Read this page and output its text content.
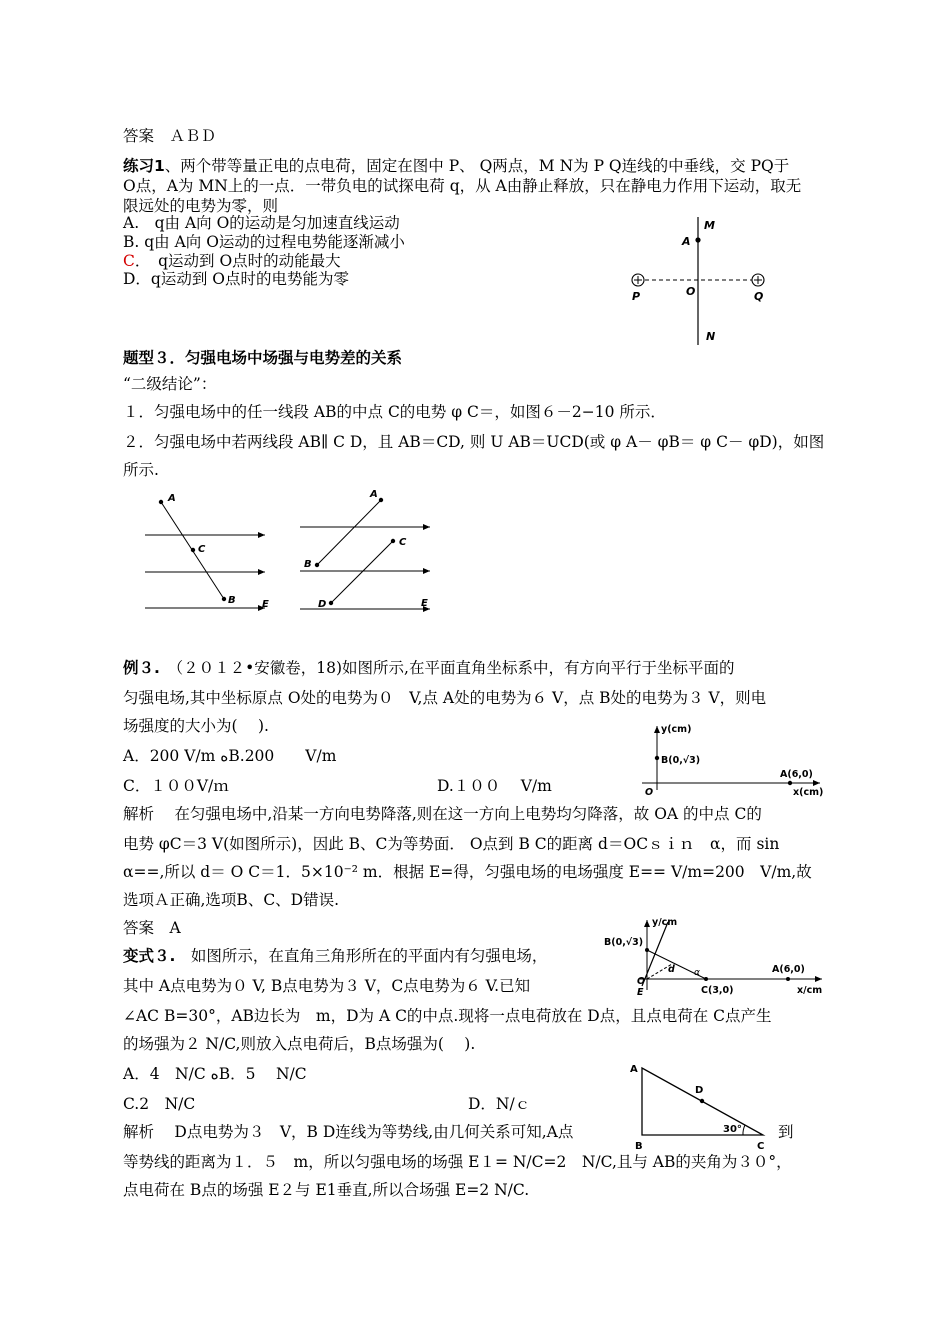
答案　ＡＢＤ
练习1、两个带等量正电的点电荷，固定在图中 P、 Q两点，M N为 P Q连线的中垂线，交 PQ于
O点，A为 MN上的一点．一带负电的试探电荷 q，从 A由静止释放，只在静电力作用下运动，取无
限远处的电势为零，则
A.　q由 A向 O的运动是匀加速直线运动
B. q由 A向 O运动的过程电势能逐渐减小
C．　q运动到 O点时的动能最大
D．q运动到 O点时的电势能为零
M
A
P	O	Q
N
题型３．匀强电场中场强与电势差的关系
“二级结论”：
１．匀强电场中的任一线段 AB的中点 C的电势 φ C＝，如图６－2−10 所示．
２．匀强电场中若两线段 AB∥ C D，且 AB＝CD, 则 U AB＝UCD(或 φ A－ φB＝ φ C－ φD)，如图
所示.
A
C
B	E
A
C
B
D	E
例３.　（２０１２•安徽卷，18)如图所示,在平面直角坐标系中，有方向平行于坐标平面的
匀强电场,其中坐标原点 O处的电势为０　V,点 A处的电势为６ V，点 B处的电势为３ V，则电
场强度的大小为(　 ).
A．200 V/m ﻩB.200　　V/m
C．１００V/ｍ	D.１００　 V/m
解析　 在匀强电场中,沿某一方向电势降落,则在这一方向上电势均匀降落，故 OA 的中点 C的
电势 φC＝3 V(如图所示)，因此 B、C为等势面． O点到 B C的距离 d＝OCｓｉｎ　α，而 sin
α==,所以 d＝ O C＝1．5×10⁻² m．根据 E=得，匀强电场的电场强度 E== V/m=200　V/m,故
选项Ａ正确,选项B、C、D错误.
答案　A
y(cm)
B(0,√3)
A(6,0)
O	x(cm)
变式３.　如图所示，在直角三角形所在的平面内有匀强电场，
其中 A点电势为０ V, B点电势为３ V，C点电势为６ V.已知
∠AC B=30°，AB边长为　m，D为 A C的中点.现将一点电荷放在 D点，且点电荷在 C点产生
的场强为２ N/C,则放入点电荷后，B点场强为(　 ).
A．4　N/C ﻩB．5　 N/C
C.2　N/C	D．N/ｃ
解析　 D点电势为３　V，B D连线为等势线,由几何关系可知,A点	到
等势线的距离为１．５　m，所以匀强电场的场强 E１= N/C=2　N/C,且与 AB的夹角为３０°，
点电荷在 B点的场强 E２与 E1垂直,所以合场强 E=2 N/C.
y/cm
B(0,√3)
d α
C(3,0)
A(6,0)
x/cm
O
E
A
D
B	C
30°
